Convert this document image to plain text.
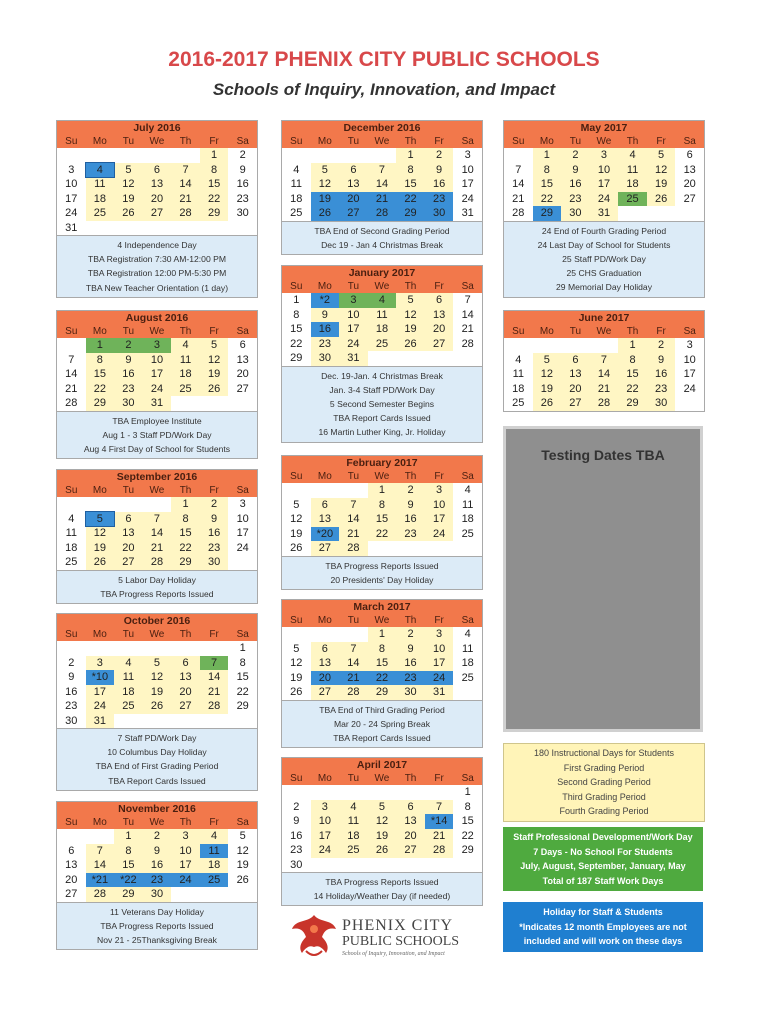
2016-2017 PHENIX CITY PUBLIC SCHOOLS
Schools of Inquiry, Innovation, and Impact
July 2016
Su	Mo	Tu	We	Th	Fr	Sa
					1	2
3	4	5	6	7	8	9
10	11	12	13	14	15	16
17	18	19	20	21	22	23
24	25	26	27	28	29	30
31						
4 Independence Day
TBA Registration 7:30 AM-12:00 PM
TBA Registration 12:00 PM-5:30 PM
TBA New Teacher Orientation (1 day)
August 2016
Su	Mo	Tu	We	Th	Fr	Sa
	1	2	3	4	5	6
7	8	9	10	11	12	13
14	15	16	17	18	19	20
21	22	23	24	25	26	27
28	29	30	31			
TBA Employee Institute
Aug 1 - 3 Staff PD/Work Day
Aug 4 First Day of School for Students
September 2016
Su	Mo	Tu	We	Th	Fr	Sa
				1	2	3
4	5	6	7	8	9	10
11	12	13	14	15	16	17
18	19	20	21	22	23	24
25	26	27	28	29	30	
5 Labor Day Holiday
TBA Progress Reports Issued
October 2016
Su	Mo	Tu	We	Th	Fr	Sa
						1
2	3	4	5	6	7	8
9	*10	11	12	13	14	15
16	17	18	19	20	21	22
23	24	25	26	27	28	29
30	31					
7 Staff PD/Work Day
10 Columbus Day Holiday
TBA End of First Grading Period
TBA Report Cards Issued
November 2016
Su	Mo	Tu	We	Th	Fr	Sa
		1	2	3	4	5
6	7	8	9	10	11	12
13	14	15	16	17	18	19
20	*21	*22	23	24	25	26
27	28	29	30			
11 Veterans Day Holiday
TBA Progress Reports Issued
Nov 21 - 25Thanksgiving Break
December 2016
Su	Mo	Tu	We	Th	Fr	Sa
				1	2	3
4	5	6	7	8	9	10
11	12	13	14	15	16	17
18	19	20	21	22	23	24
25	26	27	28	29	30	31
TBA End of Second Grading Period
Dec 19 - Jan 4 Christmas Break
January 2017
Su	Mo	Tu	We	Th	Fr	Sa
1	*2	3	4	5	6	7
8	9	10	11	12	13	14
15	16	17	18	19	20	21
22	23	24	25	26	27	28
29	30	31				
Dec. 19-Jan. 4 Christmas Break
Jan. 3-4 Staff PD/Work Day
5 Second Semester Begins
TBA Report Cards Issued
16 Martin Luther King, Jr. Holiday
February 2017
Su	Mo	Tu	We	Th	Fr	Sa
			1	2	3	4
5	6	7	8	9	10	11
12	13	14	15	16	17	18
19	*20	21	22	23	24	25
26	27	28				
TBA Progress Reports Issued
20 Presidents' Day Holiday
March 2017
Su	Mo	Tu	We	Th	Fr	Sa
			1	2	3	4
5	6	7	8	9	10	11
12	13	14	15	16	17	18
19	20	21	22	23	24	25
26	27	28	29	30	31	
TBA End of Third Grading Period
Mar 20 - 24 Spring Break
TBA Report Cards Issued
April 2017
Su	Mo	Tu	We	Th	Fr	Sa
						1
2	3	4	5	6	7	8
9	10	11	12	13	*14	15
16	17	18	19	20	21	22
23	24	25	26	27	28	29
30						
TBA Progress Reports Issued
14 Holiday/Weather Day (if needed)
May 2017
Su	Mo	Tu	We	Th	Fr	Sa
	1	2	3	4	5	6
7	8	9	10	11	12	13
14	15	16	17	18	19	20
21	22	23	24	25	26	27
28	29	30	31			
24 End of Fourth Grading Period
24 Last Day of School for Students
25 Staff PD/Work Day
25 CHS Graduation
29 Memorial Day Holiday
June 2017
Su	Mo	Tu	We	Th	Fr	Sa
				1	2	3
4	5	6	7	8	9	10
11	12	13	14	15	16	17
18	19	20	21	22	23	24
25	26	27	28	29	30	
Testing Dates TBA
180 Instructional Days for Students
First Grading Period
Second Grading Period
Third Grading Period
Fourth Grading Period
Staff Professional Development/Work Day
7 Days - No School For Students
July, August, September, January, May
Total of 187 Staff Work Days
Holiday for Staff & Students
*Indicates 12 month Employees are not
included and will work on these days
PHENIX CITY
PUBLIC SCHOOLS
Schools of Inquiry, Innovation, and Impact
